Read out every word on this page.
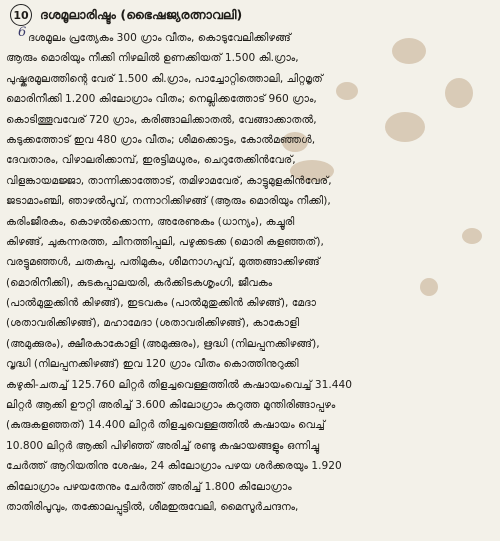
10 ദശമൂലാരിഷ്ടം (ഭൈഷജ്യരത്നാവലി)
6 ദശമൂലം പ്രത്യേകം 300 ഗ്രാം വീതം, കൊടുവേലിക്കിഴങ്ങ്
ആരും മൊരിയും നീക്കി നിഴലിൽ ഉണക്കിയത് 1.500 കി.ഗ്രാം,
പുഷ്കരമൂലത്തിന്റെ വേര് 1.500 കി.ഗ്രാം, പാച്ചോറ്റിത്തൊലി, ചിറ്റമൃത്
മൊരിനീക്കി 1.200 കിലോഗ്രാം വീതം; നെല്ലിക്കത്തോട് 960 ഗ്രാം,
കൊടിത്തൂവവേര് 720 ഗ്രാം, കരിങ്ങാലിക്കാതൽ, വേങ്ങാക്കാതൽ,
കടുക്കത്തോട് ഇവ 480 ഗ്രാം വീതം; ശീമക്കൊട്ടം, കോൽമഞ്ഞൾ,
ദേവതാരം, വിഴാലരിക്കാമ്പ്, ഇരട്ടിമധുരം, ചെറുതേക്കിൻവേര്,
വിളങ്കായമജ്ജാ, താന്നിക്കാത്തോട്, തമിഴാമവേര്, കാട്ടുമുളകിൻവേര്,
ജടാമാംഞ്ചി, ഞാഴൽപൂവ്, നന്നാറിക്കിഴങ്ങ് (ആരും മൊരിയും നീക്കി),
കരിംജീരകം, കൊഴൽക്കൊന്ന, അരേണുകം (ധാന്യം), കച്ചൂരി
കിഴങ്ങ്, ചുകന്നരത്ത, ചീനത്തിപ്പലി, പഴുക്കടക്ക (മൊരി കളഞ്ഞത്),
വരട്ടുമഞ്ഞൾ, ചതകുപ്പ, പതിമുകം, ശീമനാഗപൂവ്, മുത്തങ്ങാക്കിഴങ്ങ്
(മൊരിനീക്കി), കുടകപ്പാലയരി, കർക്കിടകശൃംഗി, ജീവകം
(പാൽമുതുക്കിൻ കിഴങ്ങ്), ഇടവകം (പാൽമുതുക്കിൻ കിഴങ്ങ്), മേദാ
(ശതാവരിക്കിഴങ്ങ്), മഹാമേദാ (ശതാവരിക്കിഴങ്ങ്), കാകോളി
(അമുക്കുരം), ക്ഷീരകാകോളി (അമുക്കുരം), ഋദ്ധി (നിലപ്പനക്കിഴങ്ങ്),
വൃദ്ധി (നിലപ്പനക്കിഴങ്ങ്) ഇവ 120 ഗ്രാം വീതം കൊത്തിനുറുക്കി
കഴുകി-ചതച്ച് 125.760 ലിറ്റർ തിളച്ചവെള്ളത്തിൽ കഷായംവെച്ച് 31.440
ലിറ്റർ ആക്കി ഊറ്റി അരിച്ച് 3.600 കിലോഗ്രാം കറുത്ത മുന്തിരിങ്ങാപ്പഴം
(കുരുകളഞ്ഞത്) 14.400 ലിറ്റർ തിളച്ചവെള്ളത്തിൽ കഷായം വെച്ച്
10.800 ലിറ്റർ ആക്കി പിഴിഞ്ഞ് അരിച്ച് രണ്ടു കഷായങ്ങളും ഒന്നിച്ചു
ചേർത്ത് ആറിയതിനു ശേഷം, 24 കിലോഗ്രാം പഴയ ശർക്കരയും 1.920
കിലോഗ്രാം പഴയതേനും ചേർത്ത് അരിച്ച് 1.800 കിലോഗ്രാം
താതിരിപൂവും, തക്കോലപ്പുട്ടിൽ, ശീമഇരുവേലി, മൈസൂർചന്ദനം,
